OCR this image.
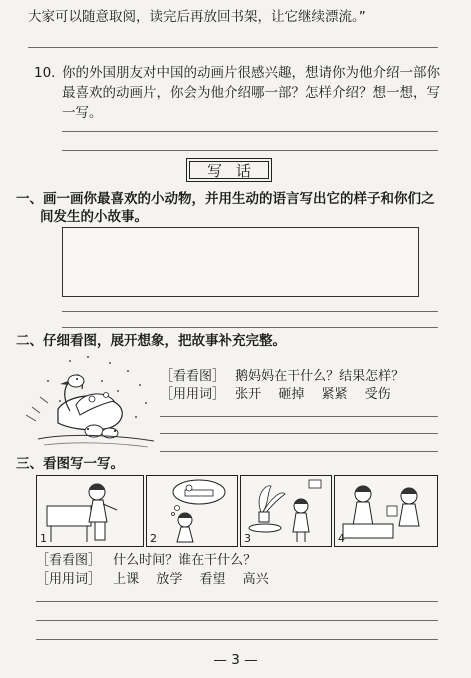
大家可以随意取阅，读完后再放回书架，让它继续漂流。”
10. 你的外国朋友对中国的动画片很感兴趣，想请你为他介绍一部你
最喜欢的动画片，你会为他介绍哪一部？怎样介绍？想一想，写
一写。
写话
一、画一画你最喜欢的小动物，并用生动的语言写出它的样子和你们之
间发生的小故事。
二、仔细看图，展开想象，把故事补充完整。
［看看图］ 鹅妈妈在干什么？结果怎样？
［用用词］ 张开 砸掉 紧紧 受伤
三、看图写一写。
1	2	3	4
［看看图］ 什么时间？谁在干什么？
［用用词］ 上课 放学 看望 高兴
— 3 —
